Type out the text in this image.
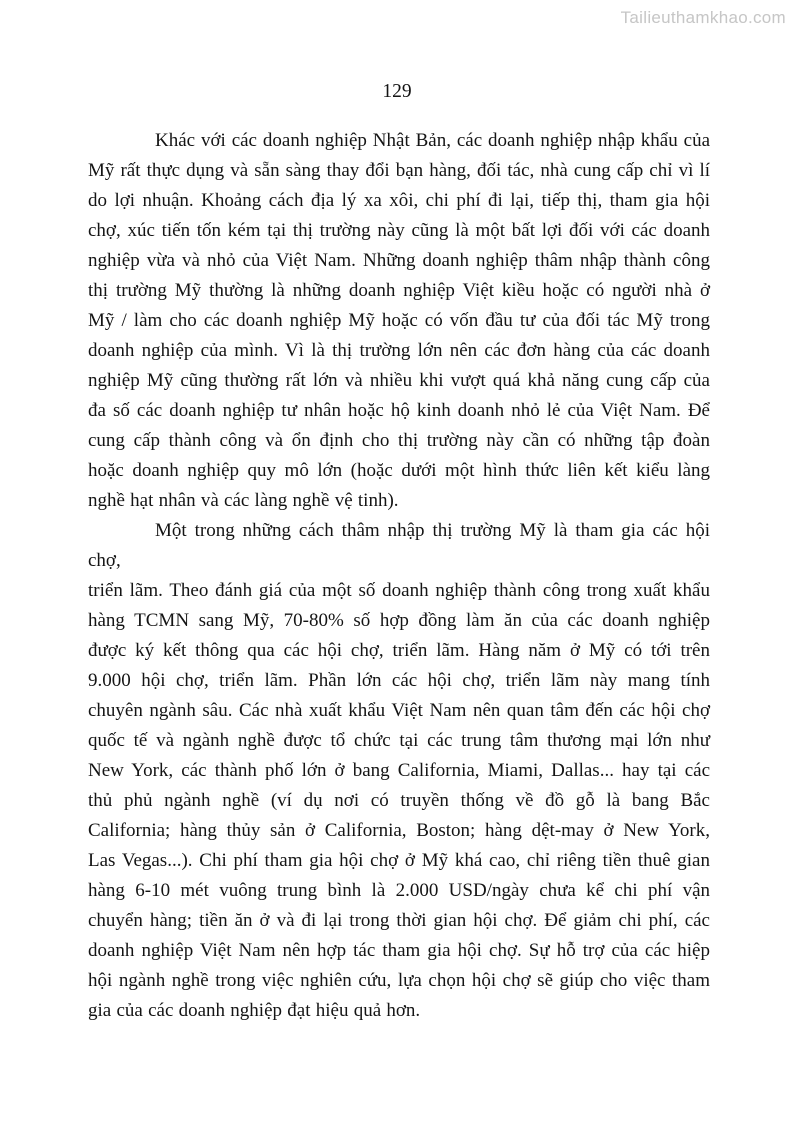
Tailieuthamkhao.com
129
Khác với các doanh nghiệp Nhật Bản, các doanh nghiệp nhập khẩu của
Mỹ rất thực dụng và sẵn sàng thay đổi bạn hàng, đối tác, nhà cung cấp chỉ vì lí
do lợi nhuận. Khoảng cách địa lý xa xôi, chi phí đi lại, tiếp thị, tham gia hội
chợ, xúc tiến tốn kém tại thị trường này cũng là một bất lợi đối với các doanh
nghiệp vừa và nhỏ của Việt Nam. Những doanh nghiệp thâm nhập thành công
thị trường Mỹ thường là những doanh nghiệp Việt kiều hoặc có người nhà ở
Mỹ / làm cho các doanh nghiệp Mỹ hoặc có vốn đầu tư của đối tác Mỹ trong
doanh nghiệp của mình. Vì là thị trường lớn nên các đơn hàng của các doanh
nghiệp Mỹ cũng thường rất lớn và nhiều khi vượt quá khả năng cung cấp của
đa số các doanh nghiệp tư nhân hoặc hộ kinh doanh nhỏ lẻ của Việt Nam. Để
cung cấp thành công và ổn định cho thị trường này cần có những tập đoàn
hoặc doanh nghiệp quy mô lớn (hoặc dưới một hình thức liên kết kiểu làng
nghề hạt nhân và các làng nghề vệ tinh).
Một trong những cách thâm nhập thị trường Mỹ là tham gia các hội chợ,
triển lãm. Theo đánh giá của một số doanh nghiệp thành công trong xuất khẩu
hàng TCMN sang Mỹ, 70-80% số hợp đồng làm ăn của các doanh nghiệp
được ký kết thông qua các hội chợ, triển lãm. Hàng năm ở Mỹ có tới trên
9.000 hội chợ, triển lãm. Phần lớn các hội chợ, triển lãm này mang tính
chuyên ngành sâu. Các nhà xuất khẩu Việt Nam nên quan tâm đến các hội chợ
quốc tế và ngành nghề được tổ chức tại các trung tâm thương mại lớn như
New York, các thành phố lớn ở bang California, Miami, Dallas... hay tại các
thủ phủ ngành nghề (ví dụ nơi có truyền thống về đồ gỗ là bang Bắc
California; hàng thủy sản ở California, Boston; hàng dệt-may ở New York,
Las Vegas...). Chi phí tham gia hội chợ ở Mỹ khá cao, chỉ riêng tiền thuê gian
hàng 6-10 mét vuông trung bình là 2.000 USD/ngày chưa kể chi phí vận
chuyển hàng; tiền ăn ở và đi lại trong thời gian hội chợ. Để giảm chi phí, các
doanh nghiệp Việt Nam nên hợp tác tham gia hội chợ. Sự hỗ trợ của các hiệp
hội ngành nghề trong việc nghiên cứu, lựa chọn hội chợ sẽ giúp cho việc tham
gia của các doanh nghiệp đạt hiệu quả hơn.
